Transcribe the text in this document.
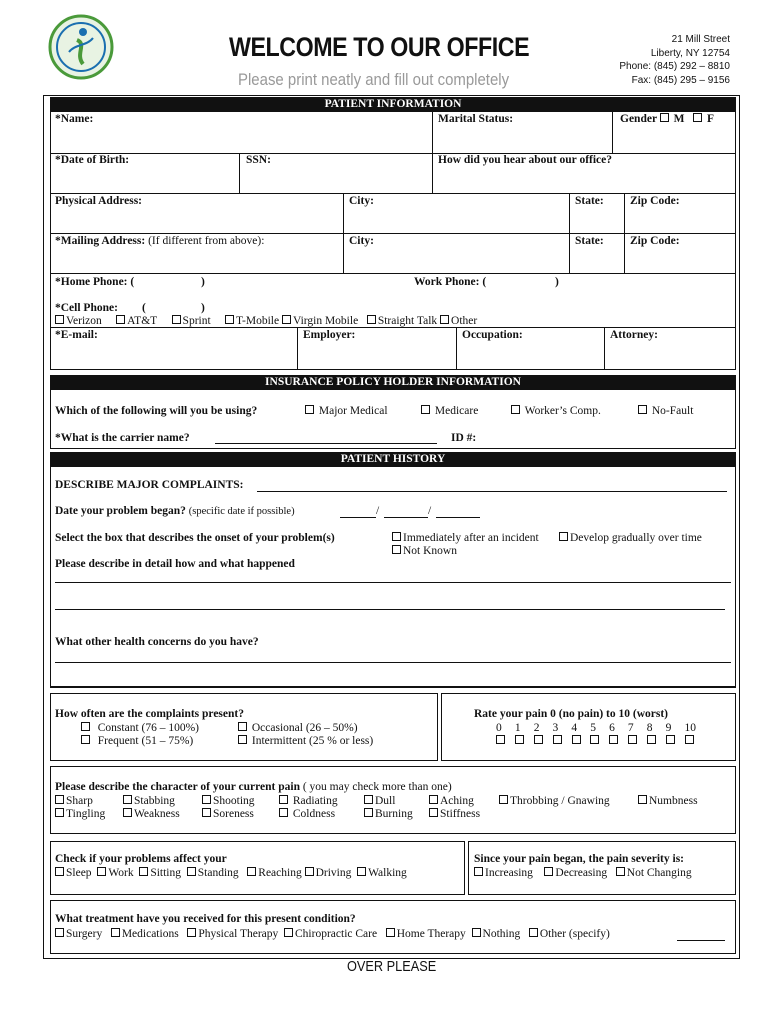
WELCOME TO OUR OFFICE
Please print neatly and fill out completely
21 Mill Street
Liberty, NY 12754
Phone: (845) 292 – 8810
Fax: (845) 295 – 9156
PATIENT INFORMATION
*Name:	Marital Status:	Gender M F
*Date of Birth:	SSN:	How did you hear about our office?
Physical Address:	City:	State: Zip Code:
*Mailing Address: (If different from above):	City:	State: Zip Code:
*Home Phone: (	)	Work Phone: (	)
*Cell Phone: (	)
Verizon AT&T Sprint T-Mobile Virgin Mobile Straight Talk Other
*E-mail:	Employer:	Occupation:	Attorney:
INSURANCE POLICY HOLDER INFORMATION
Which of the following will you be using?	Major Medical	Medicare	Worker’s Comp.	No-Fault
*What is the carrier name?	ID #:
PATIENT HISTORY
DESCRIBE MAJOR COMPLAINTS:
Date your problem began? (specific date if possible)	/	/
Select the box that describes the onset of your problem(s)	Immediately after an incident	Develop gradually over time
Not Known
Please describe in detail how and what happened
What other health concerns do you have?
How often are the complaints present?
Constant (76 – 100%)	Occasional (26 – 50%)
Frequent (51 – 75%)	Intermittent (25 % or less)
Rate your pain 0 (no pain) to 10 (worst)
0 1 2 3 4 5 6 7 8 9 10
Please describe the character of your current pain ( you may check more than one)
Sharp	Stabbing	Shooting	Radiating	Dull	Aching	Throbbing / Gnawing	Numbness
Tingling	Weakness	Soreness	Coldness	Burning	Stiffness
Check if your problems affect your
Sleep Work Sitting Standing Reaching Driving Walking
Since your pain began, the pain severity is:
Increasing Decreasing Not Changing
What treatment have you received for this present condition?
Surgery Medications Physical Therapy Chiropractic Care Home Therapy Nothing Other (specify)
OVER PLEASE
